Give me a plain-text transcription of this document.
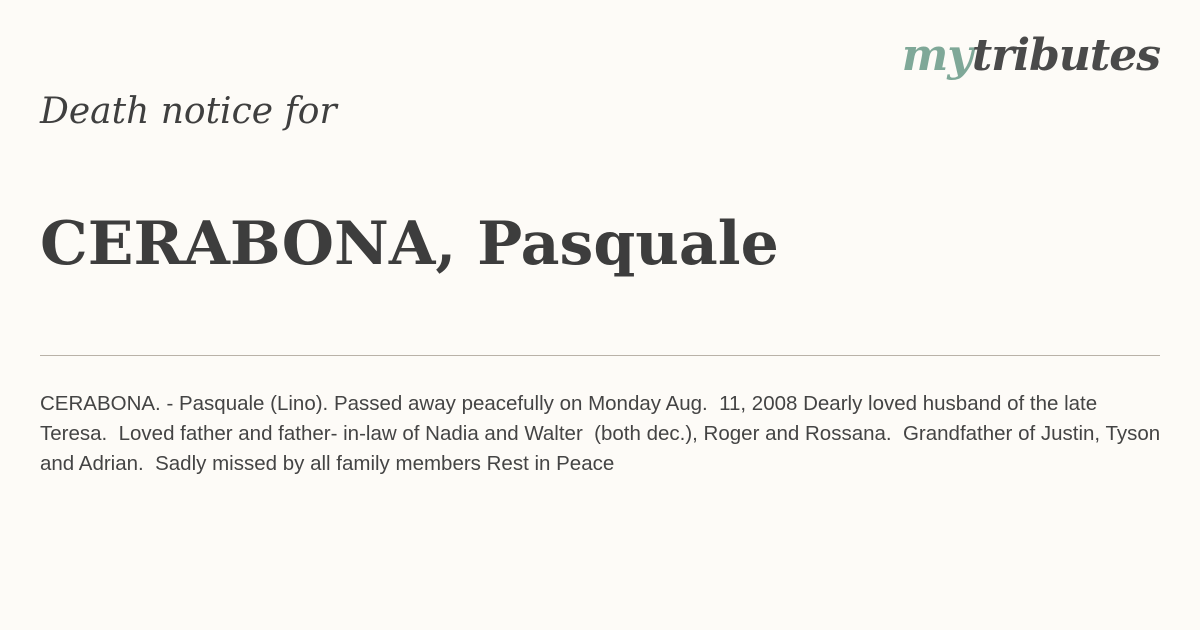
mytributes
Death notice for
CERABONA, Pasquale

CERABONA. - Pasquale (Lino). Passed away peacefully on Monday Aug.  11, 2008 Dearly loved husband of the late Teresa.  Loved father and father- in-law of Nadia and Walter  (both dec.), Roger and Rossana.  Grandfather of Justin, Tyson  and Adrian.  Sadly missed by all family members Rest in Peace
